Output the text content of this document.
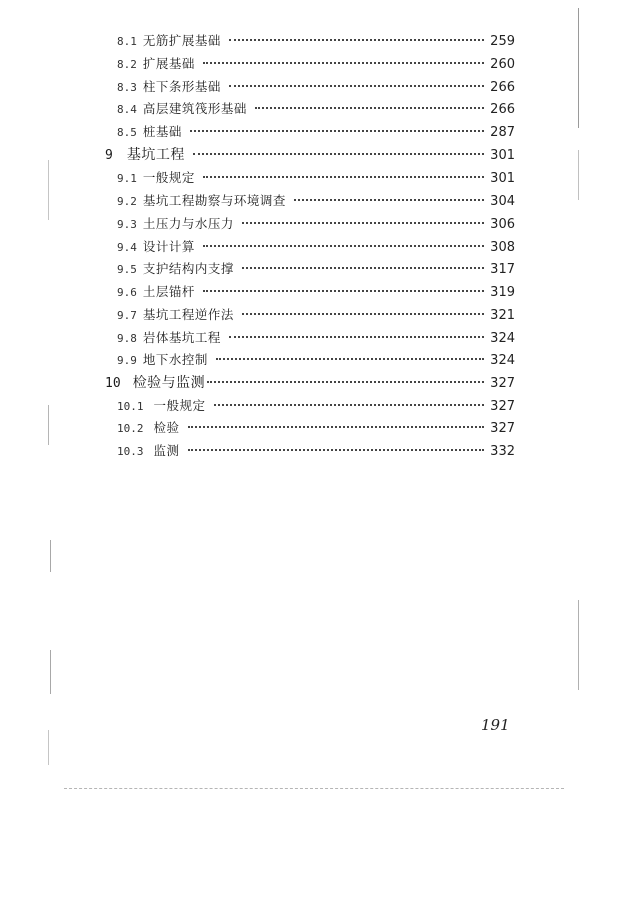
8.1 无筋扩展基础	259
8.2 扩展基础	260
8.3 柱下条形基础	266
8.4 高层建筑筏形基础	266
8.5 桩基础	287
9 基坑工程	301
9.1 一般规定	301
9.2 基坑工程勘察与环境调查	304
9.3 土压力与水压力	306
9.4 设计计算	308
9.5 支护结构内支撑	317
9.6 土层锚杆	319
9.7 基坑工程逆作法	321
9.8 岩体基坑工程	324
9.9 地下水控制	324
10 检验与监测	327
10.1 一般规定	327
10.2 检验	327
10.3 监测	332
191
